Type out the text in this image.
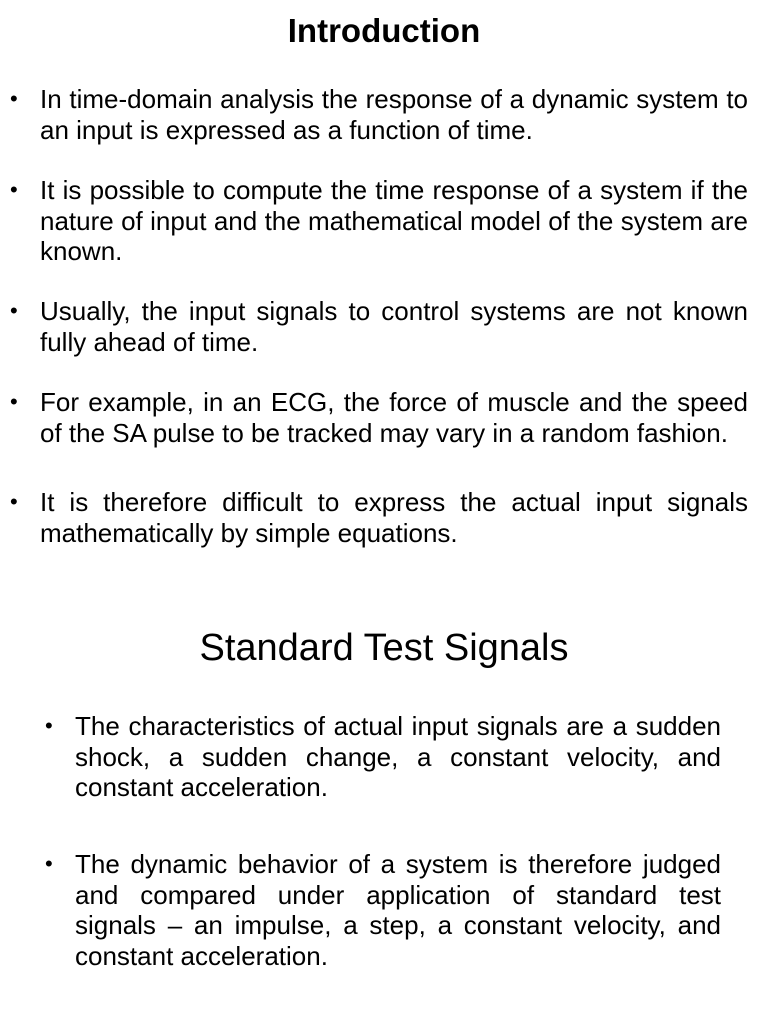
Introduction
• In time-domain analysis the response of a dynamic system to an input is expressed as a function of time.
• It is possible to compute the time response of a system if the nature of input and the mathematical model of the system are known.
• Usually, the input signals to control systems are not known fully ahead of time.
• For example, in an ECG, the force of muscle and the speed of the SA pulse to be tracked may vary in a random fashion.
• It is therefore difficult to express the actual input signals mathematically by simple equations.
Standard Test Signals
• The characteristics of actual input signals are a sudden shock, a sudden change, a constant velocity, and constant acceleration.
• The dynamic behavior of a system is therefore judged and compared under application of standard test signals – an impulse, a step, a constant velocity, and constant acceleration.
